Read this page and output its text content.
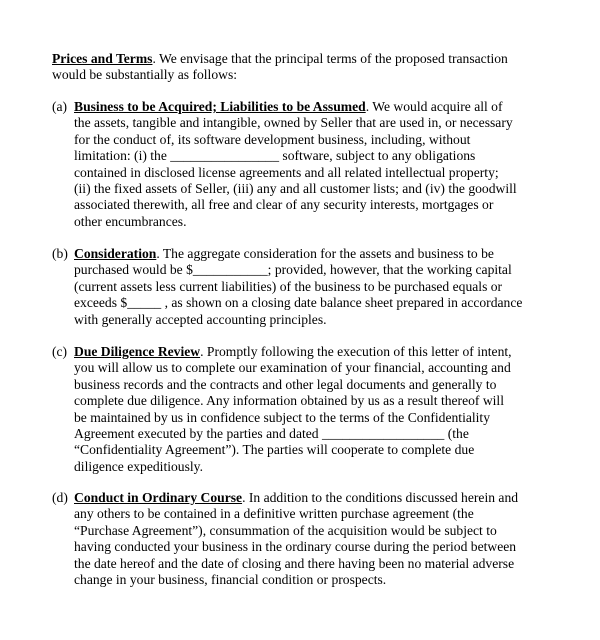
Prices and Terms. We envisage that the principal terms of the proposed transaction
would be substantially as follows:
(a) Business to be Acquired; Liabilities to be Assumed. We would acquire all of
the assets, tangible and intangible, owned by Seller that are used in, or necessary
for the conduct of, its software development business, including, without
limitation: (i) the ________________ software, subject to any obligations
contained in disclosed license agreements and all related intellectual property;
(ii) the fixed assets of Seller, (iii) any and all customer lists; and (iv) the goodwill
associated therewith, all free and clear of any security interests, mortgages or
other encumbrances.
(b) Consideration. The aggregate consideration for the assets and business to be
purchased would be $___________; provided, however, that the working capital
(current assets less current liabilities) of the business to be purchased equals or
exceeds $_____ , as shown on a closing date balance sheet prepared in accordance
with generally accepted accounting principles.
(c) Due Diligence Review. Promptly following the execution of this letter of intent,
you will allow us to complete our examination of your financial, accounting and
business records and the contracts and other legal documents and generally to
complete due diligence. Any information obtained by us as a result thereof will
be maintained by us in confidence subject to the terms of the Confidentiality
Agreement executed by the parties and dated __________________ (the
“Confidentiality Agreement”). The parties will cooperate to complete due
diligence expeditiously.
(d) Conduct in Ordinary Course. In addition to the conditions discussed herein and
any others to be contained in a definitive written purchase agreement (the
“Purchase Agreement”), consummation of the acquisition would be subject to
having conducted your business in the ordinary course during the period between
the date hereof and the date of closing and there having been no material adverse
change in your business, financial condition or prospects.
